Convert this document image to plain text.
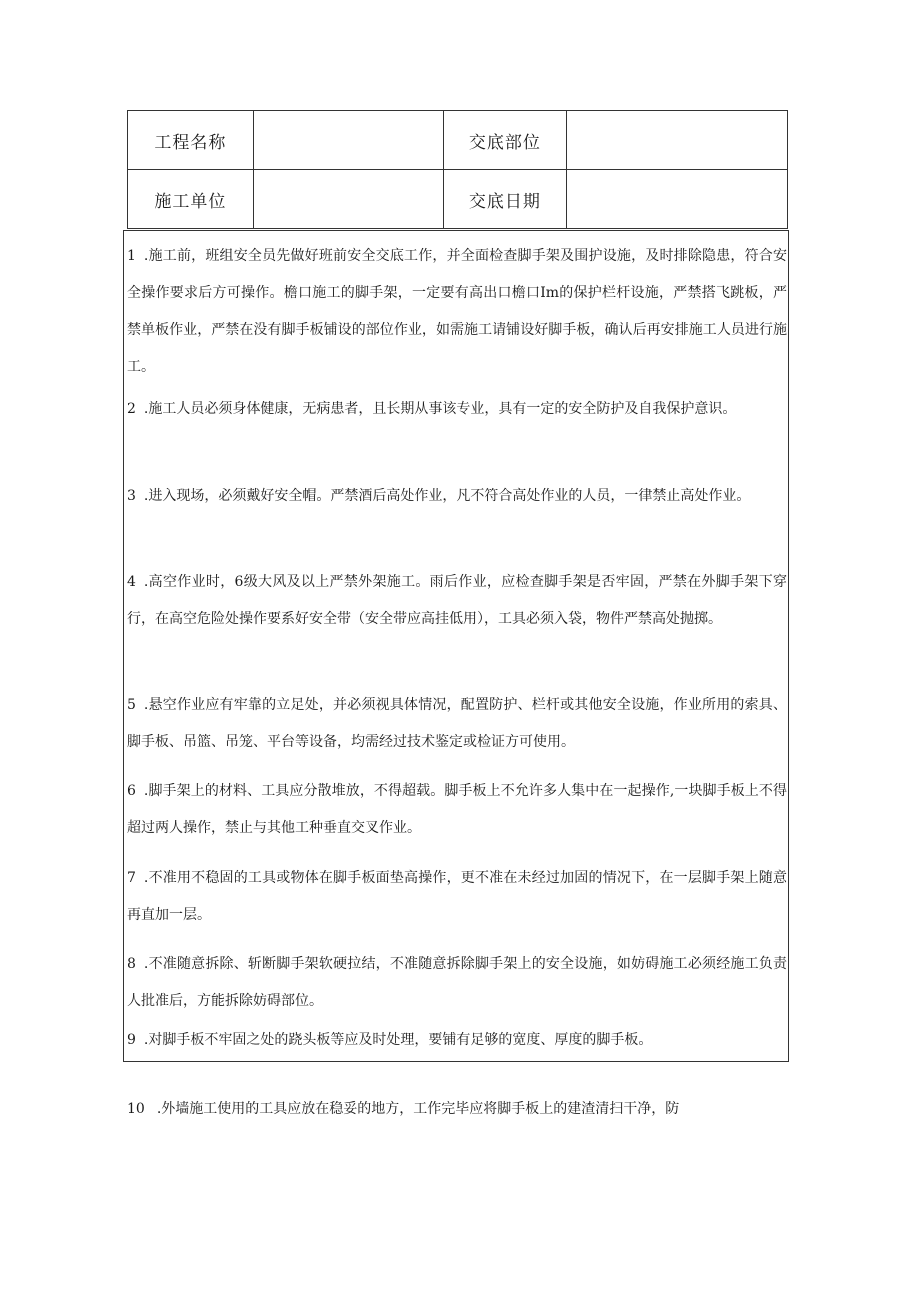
工程名称		交底部位	
施工单位		交底日期	

1 .施工前，班组安全员先做好班前安全交底工作，并全面检查脚手架及围护设施，及时排除隐患，符合安全操作要求后方可操作。檐口施工的脚手架，一定要有高出口檐口Im的保护栏杆设施，严禁搭飞跳板，严禁单板作业，严禁在没有脚手板铺设的部位作业，如需施工请铺设好脚手板，确认后再安排施工人员进行施工。

2 .施工人员必须身体健康，无病患者，且长期从事该专业，具有一定的安全防护及自我保护意识。

3 .进入现场，必须戴好安全帽。严禁酒后高处作业，凡不符合高处作业的人员，一律禁止高处作业。

4 .高空作业时，6级大风及以上严禁外架施工。雨后作业，应检查脚手架是否牢固，严禁在外脚手架下穿行，在高空危险处操作要系好安全带（安全带应高挂低用），工具必须入袋，物件严禁高处抛掷。

5 .悬空作业应有牢靠的立足处，并必须视具体情况，配置防护、栏杆或其他安全设施，作业所用的索具、脚手板、吊篮、吊笼、平台等设备，均需经过技术鉴定或检证方可使用。

6 .脚手架上的材料、工具应分散堆放，不得超载。脚手板上不允许多人集中在一起操作,一块脚手板上不得超过两人操作，禁止与其他工种垂直交叉作业。

7 .不准用不稳固的工具或物体在脚手板面垫高操作，更不准在未经过加固的情况下，在一层脚手架上随意再直加一层。

8 .不准随意拆除、斩断脚手架软硬拉结，不准随意拆除脚手架上的安全设施，如妨碍施工必须经施工负责人批准后，方能拆除妨碍部位。

9 .对脚手板不牢固之处的跷头板等应及时处理，要铺有足够的宽度、厚度的脚手板。

10 .外墙施工使用的工具应放在稳妥的地方，工作完毕应将脚手板上的建渣清扫干净，防
